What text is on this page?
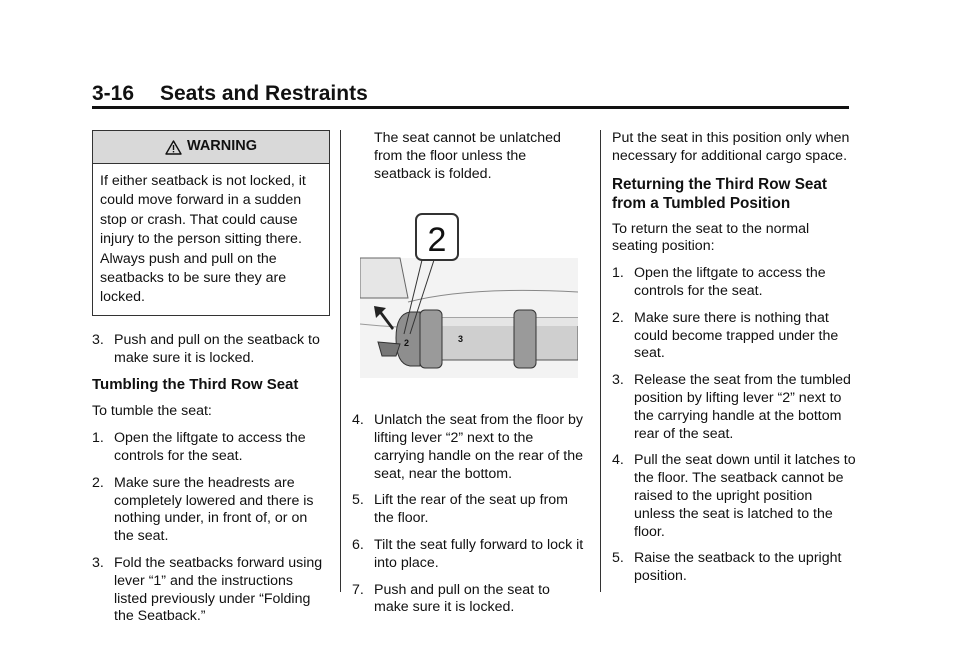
3-16 Seats and Restraints
WARNING
If either seatback is not locked, it could move forward in a sudden stop or crash. That could cause injury to the person sitting there. Always push and pull on the seatbacks to be sure they are locked.
3. Push and pull on the seatback to make sure it is locked.
Tumbling the Third Row Seat

To tumble the seat:

1. Open the liftgate to access the controls for the seat.
2. Make sure the headrests are completely lowered and there is nothing under, in front of, or on the seat.
3. Fold the seatbacks forward using lever “1” and the instructions listed previously under “Folding the Seatback.”

The seat cannot be unlatched from the floor unless the seatback is folded.

2
2	3
4. Unlatch the seat from the floor by lifting lever “2” next to the carrying handle on the rear of the seat, near the bottom.
5. Lift the rear of the seat up from the floor.
6. Tilt the seat fully forward to lock it into place.
7. Push and pull on the seat to make sure it is locked.

Put the seat in this position only when necessary for additional cargo space.

Returning the Third Row Seat from a Tumbled Position

To return the seat to the normal seating position:

1. Open the liftgate to access the controls for the seat.
2. Make sure there is nothing that could become trapped under the seat.
3. Release the seat from the tumbled position by lifting lever “2” next to the carrying handle at the bottom rear of the seat.
4. Pull the seat down until it latches to the floor. The seatback cannot be raised to the upright position unless the seat is latched to the floor.
5. Raise the seatback to the upright position.
